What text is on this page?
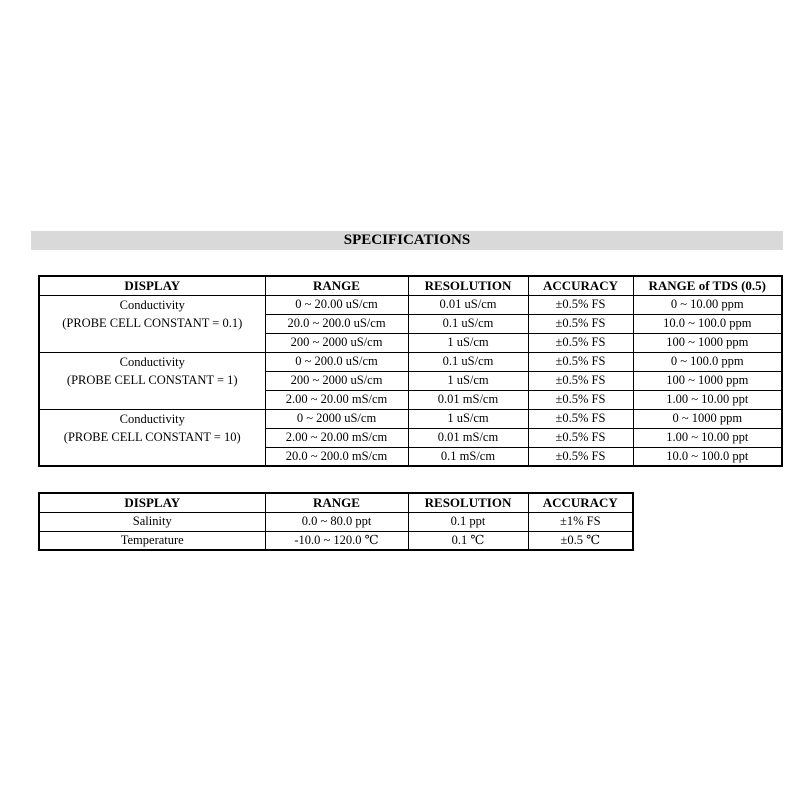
SPECIFICATIONS
DISPLAY	RANGE	RESOLUTION	ACCURACY	RANGE of TDS (0.5)

Conductivity
(PROBE CELL CONSTANT = 0.1)	0 ~ 20.00 uS/cm	0.01 uS/cm	±0.5% FS	0 ~ 10.00 ppm
	20.0 ~ 200.0 uS/cm	0.1 uS/cm	±0.5% FS	10.0 ~ 100.0 ppm
	200 ~ 2000 uS/cm	1 uS/cm	±0.5% FS	100 ~ 1000 ppm

Conductivity
(PROBE CELL CONSTANT = 1)	0 ~ 200.0 uS/cm	0.1 uS/cm	±0.5% FS	0 ~ 100.0 ppm
	200 ~ 2000 uS/cm	1 uS/cm	±0.5% FS	100 ~ 1000 ppm
	2.00 ~ 20.00 mS/cm	0.01 mS/cm	±0.5% FS	1.00 ~ 10.00 ppt

Conductivity
(PROBE CELL CONSTANT = 10)	0 ~ 2000 uS/cm	1 uS/cm	±0.5% FS	0 ~ 1000 ppm
	2.00 ~ 20.00 mS/cm	0.01 mS/cm	±0.5% FS	1.00 ~ 10.00 ppt
	20.0 ~ 200.0 mS/cm	0.1 mS/cm	±0.5% FS	10.0 ~ 100.0 ppt
DISPLAY	RANGE	RESOLUTION	ACCURACY
Salinity	0.0 ~ 80.0 ppt	0.1 ppt	±1% FS
Temperature	-10.0 ~ 120.0 ℃	0.1 ℃	±0.5 ℃
